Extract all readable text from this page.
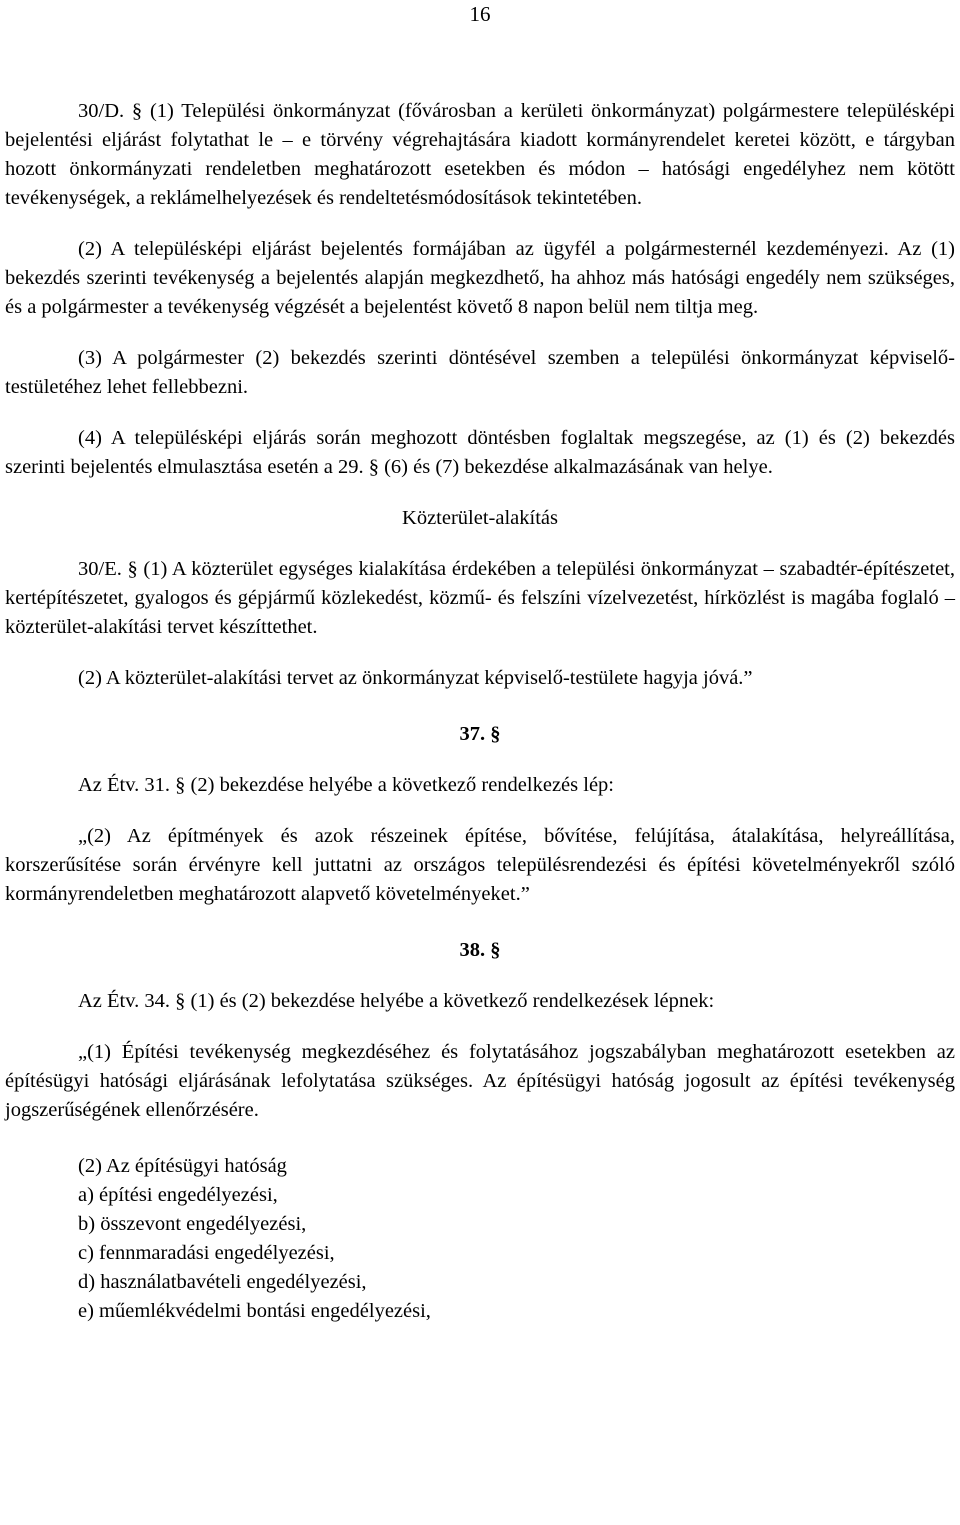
16

30/D. § (1) Települési önkormányzat (fővárosban a kerületi önkormányzat) polgármestere településképi bejelentési eljárást folytathat le – e törvény végrehajtására kiadott kormányrendelet keretei között, e tárgyban hozott önkormányzati rendeletben meghatározott esetekben és módon – hatósági engedélyhez nem kötött tevékenységek, a reklámelhelyezések és rendeltetésmódosítások tekintetében.

(2) A településképi eljárást bejelentés formájában az ügyfél a polgármesternél kezdeményezi. Az (1) bekezdés szerinti tevékenység a bejelentés alapján megkezdhető, ha ahhoz más hatósági engedély nem szükséges, és a polgármester a tevékenység végzését a bejelentést követő 8 napon belül nem tiltja meg.

(3) A polgármester (2) bekezdés szerinti döntésével szemben a települési önkormányzat képviselő-testületéhez lehet fellebbezni.

(4) A településképi eljárás során meghozott döntésben foglaltak megszegése, az (1) és (2) bekezdés szerinti bejelentés elmulasztása esetén a 29. § (6) és (7) bekezdése alkalmazásának van helye.

Közterület-alakítás

30/E. § (1) A közterület egységes kialakítása érdekében a települési önkormányzat – szabadtér-építészetet, kertépítészetet, gyalogos és gépjármű közlekedést, közmű- és felszíni vízelvezetést, hírközlést is magába foglaló – közterület-alakítási tervet készíttethet.

(2) A közterület-alakítási tervet az önkormányzat képviselő-testülete hagyja jóvá.”

37. §

Az Étv. 31. § (2) bekezdése helyébe a következő rendelkezés lép:

„(2) Az építmények és azok részeinek építése, bővítése, felújítása, átalakítása, helyreállítása, korszerűsítése során érvényre kell juttatni az országos településrendezési és építési követelményekről szóló kormányrendeletben meghatározott alapvető követelményeket.”

38. §

Az Étv. 34. § (1) és (2) bekezdése helyébe a következő rendelkezések lépnek:

„(1) Építési tevékenység megkezdéséhez és folytatásához jogszabályban meghatározott esetekben az építésügyi hatósági eljárásának lefolytatása szükséges. Az építésügyi hatóság jogosult az építési tevékenység jogszerűségének ellenőrzésére.

(2) Az építésügyi hatóság

a) építési engedélyezési,

b) összevont engedélyezési,

c) fennmaradási engedélyezési,

d) használatbavételi engedélyezési,

e) műemlékvédelmi bontási engedélyezési,
